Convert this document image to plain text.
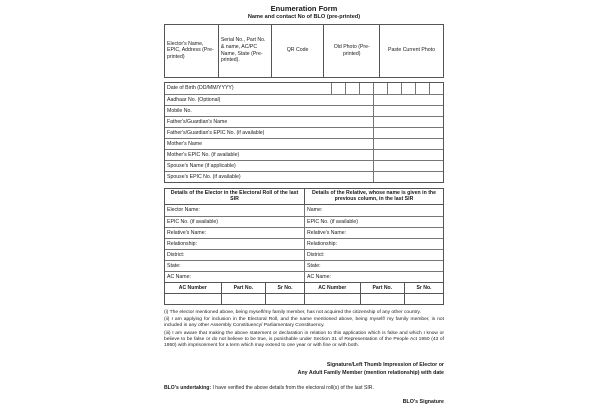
Enumeration Form
Name and contact No of BLO (pre-printed)
Elector's Name, EPIC, Address (Pre-printed)
Serial No., Part No. & name, AC/PC Name, State (Pre-printed).
QR Code
Old Photo (Pre-printed)
Paste Current Photo
Date of Birth (DD/MM/YYYY)
Aadhaar No. (Optional)
Mobile No.
Father's/Guardian's Name
Father's/Guardian's EPIC No. (if available)
Mother's Name
Mother's EPIC No. (if available)
Spouse's Name (if applicable)
Spouse's EPIC No. (if available)
Details of the Elector in the Electoral Roll of the last SIR
Details of the Relative, whose name is given in the previous column, in the last SIR
Elector Name:	Name:
EPIC No. (if available)	EPIC No. (if available)
Relative's Name:	Relative's Name:
Relationship:	Relationship:
District:	District:
State:	State:
AC Name:	AC Name:
AC Number	Part No.	Sr No.	AC Number	Part No.	Sr No.

(i) The elector mentioned above, being myself/my family member, has not acquired the citizenship of any other country.

(ii) I am applying for inclusion in the Electoral Roll, and the name mentioned above, being myself/ my family member, is not included in any other Assembly Constituency/ Parliamentary Constituency.

(iii) I am aware that making the above statement or declaration in relation to this application which is false and which I know or believe to be false or do not believe to be true, is punishable under Section 31 of Representation of the People Act 1950 (43 of 1950) with imprisonment for a term which may extend to one year or with fine or with both.

Signature/Left Thumb Impression of Elector or
Any Adult Family Member (mention relationship) with date
BLO's undertaking: I have verified the above details from the electoral roll(s) of the last SIR.
BLO's Signature
